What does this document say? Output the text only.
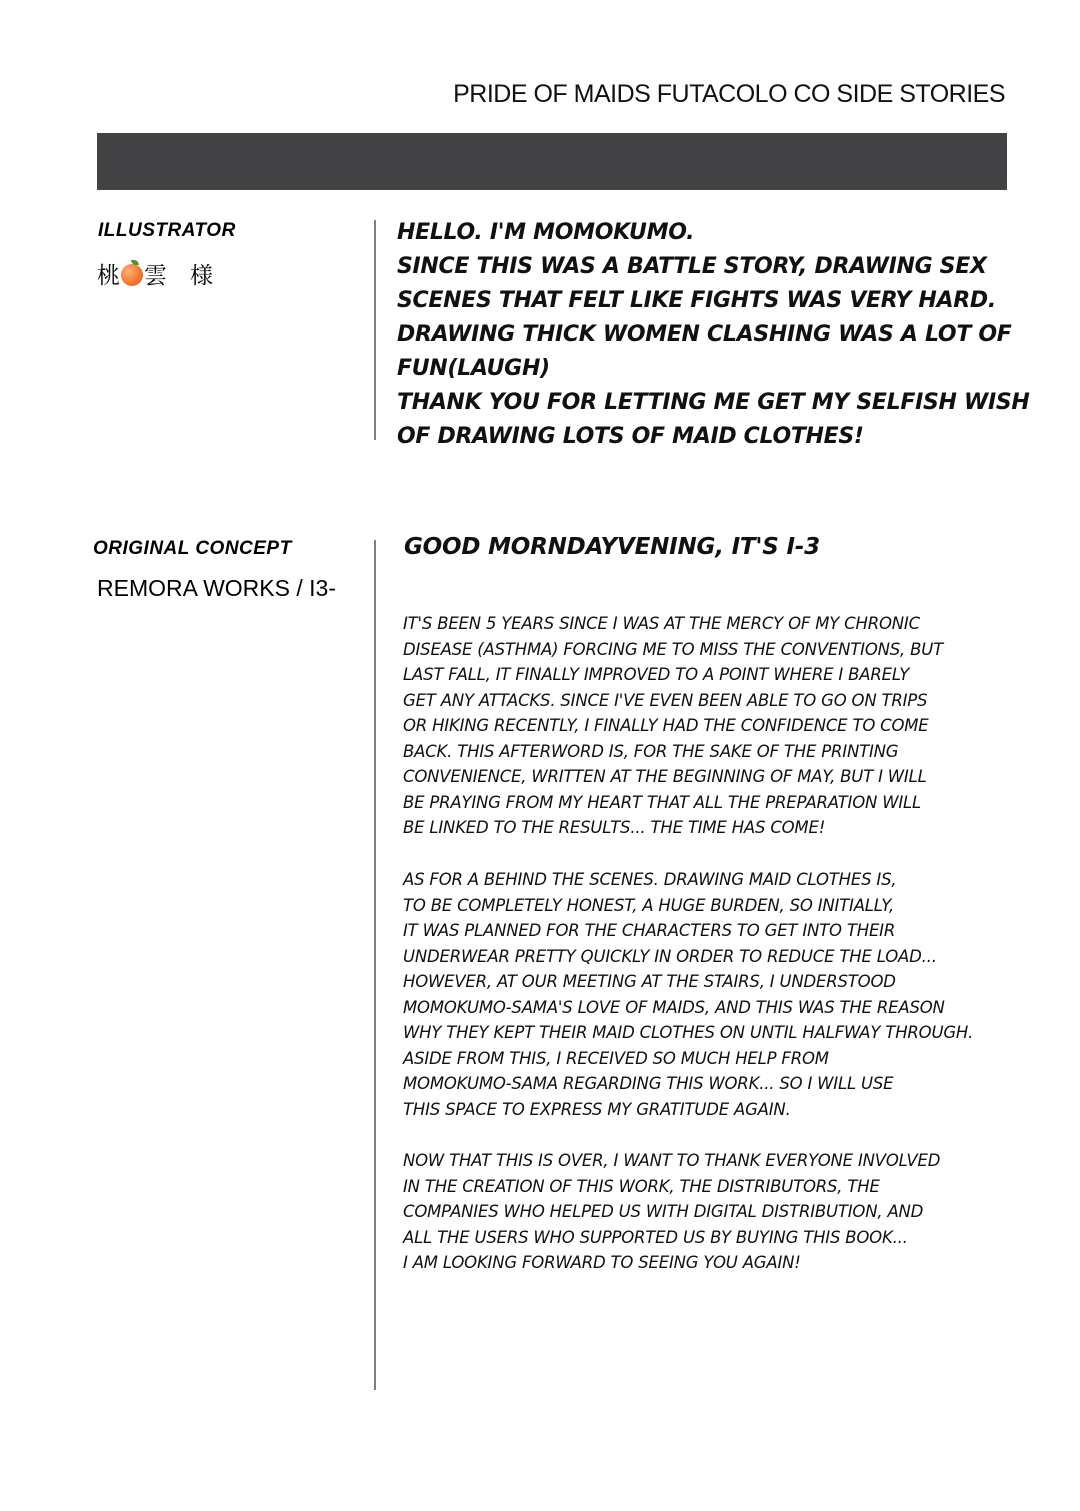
PRIDE OF MAIDS FUTACOLO CO SIDE STORIES
ILLUSTRATOR
桃 雲　様
HELLO. I'M MOMOKUMO.
SINCE THIS WAS A BATTLE STORY, DRAWING SEX
SCENES THAT FELT LIKE FIGHTS WAS VERY HARD.
DRAWING THICK WOMEN CLASHING WAS A LOT OF
FUN(LAUGH)
THANK YOU FOR LETTING ME GET MY SELFISH WISH
OF DRAWING LOTS OF MAID CLOTHES!
ORIGINAL CONCEPT
REMORA WORKS / I3-
GOOD MORNDAYVENING, IT'S I-3
IT'S BEEN 5 YEARS SINCE I WAS AT THE MERCY OF MY CHRONIC
DISEASE (ASTHMA) FORCING ME TO MISS THE CONVENTIONS, BUT
LAST FALL, IT FINALLY IMPROVED TO A POINT WHERE I BARELY
GET ANY ATTACKS. SINCE I'VE EVEN BEEN ABLE TO GO ON TRIPS
OR HIKING RECENTLY, I FINALLY HAD THE CONFIDENCE TO COME
BACK. THIS AFTERWORD IS, FOR THE SAKE OF THE PRINTING
CONVENIENCE, WRITTEN AT THE BEGINNING OF MAY, BUT I WILL
BE PRAYING FROM MY HEART THAT ALL THE PREPARATION WILL
BE LINKED TO THE RESULTS... THE TIME HAS COME!
AS FOR A BEHIND THE SCENES. DRAWING MAID CLOTHES IS,
TO BE COMPLETELY HONEST, A HUGE BURDEN, SO INITIALLY,
IT WAS PLANNED FOR THE CHARACTERS TO GET INTO THEIR
UNDERWEAR PRETTY QUICKLY IN ORDER TO REDUCE THE LOAD...
HOWEVER, AT OUR MEETING AT THE STAIRS, I UNDERSTOOD
MOMOKUMO-SAMA'S LOVE OF MAIDS, AND THIS WAS THE REASON
WHY THEY KEPT THEIR MAID CLOTHES ON UNTIL HALFWAY THROUGH.
ASIDE FROM THIS, I RECEIVED SO MUCH HELP FROM
MOMOKUMO-SAMA REGARDING THIS WORK... SO I WILL USE
THIS SPACE TO EXPRESS MY GRATITUDE AGAIN.
NOW THAT THIS IS OVER, I WANT TO THANK EVERYONE INVOLVED
IN THE CREATION OF THIS WORK, THE DISTRIBUTORS, THE
COMPANIES WHO HELPED US WITH DIGITAL DISTRIBUTION, AND
ALL THE USERS WHO SUPPORTED US BY BUYING THIS BOOK...
I AM LOOKING FORWARD TO SEEING YOU AGAIN!
